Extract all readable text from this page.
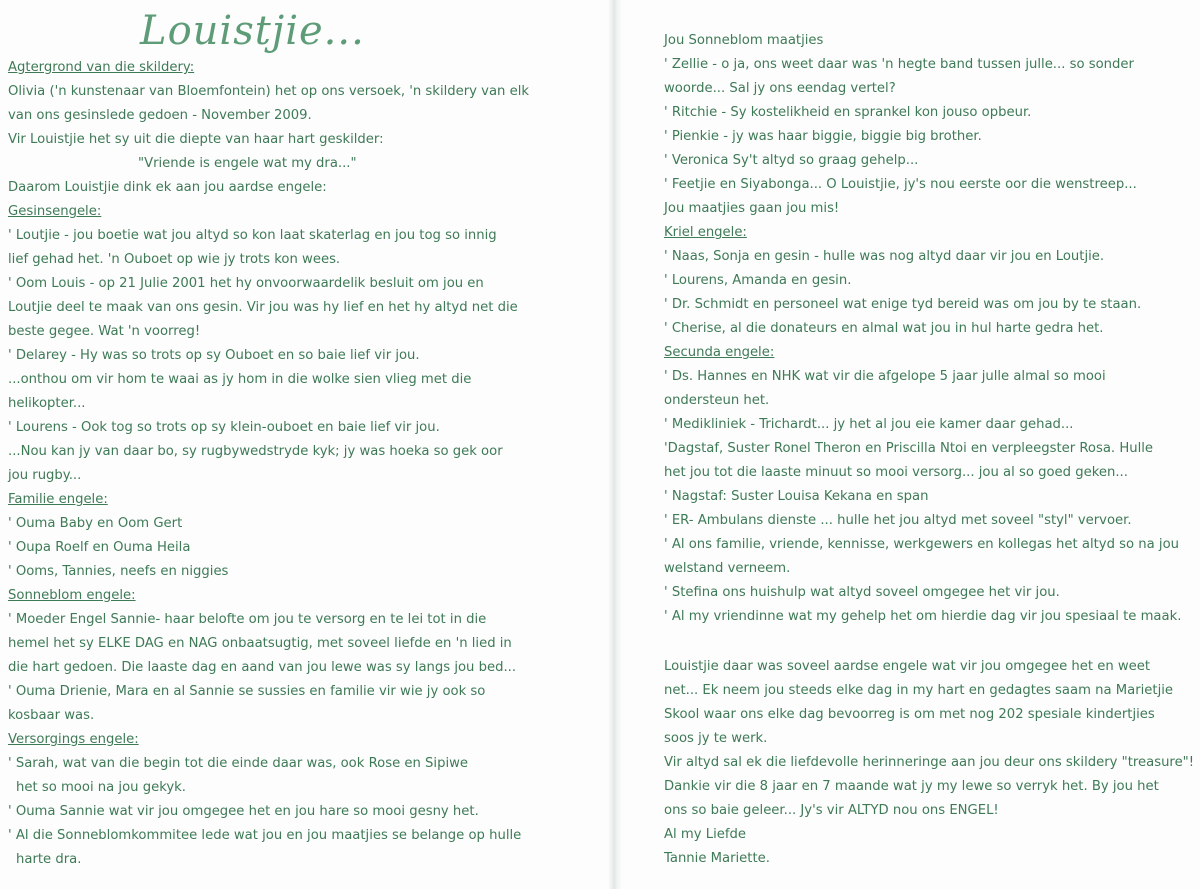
Louistjie...

Agtergrond van die skildery:

Olivia ('n kunstenaar van Bloemfontein) het op ons versoek, 'n skildery van elk

van ons gesinslede gedoen - November 2009.

Vir Louistjie het sy uit die diepte van haar hart geskilder:

"Vriende is engele wat my dra..."

Daarom Louistjie dink ek aan jou aardse engele:

Gesinsengele:

' Loutjie - jou boetie wat jou altyd so kon laat skaterlag en jou tog so innig

lief gehad het. 'n Ouboet op wie jy trots kon wees.

' Oom Louis - op 21 Julie 2001 het hy onvoorwaardelik besluit om jou en

Loutjie deel te maak van ons gesin. Vir jou was hy lief en het hy altyd net die

beste gegee. Wat 'n voorreg!

' Delarey - Hy was so trots op sy Ouboet en so baie lief vir jou.

...onthou om vir hom te waai as jy hom in die wolke sien vlieg met die

helikopter...

' Lourens - Ook tog so trots op sy klein-ouboet en baie lief vir jou.

...Nou kan jy van daar bo, sy rugbywedstryde kyk; jy was hoeka so gek oor

jou rugby...

Familie engele:

' Ouma Baby en Oom Gert

' Oupa Roelf en Ouma Heila

' Ooms, Tannies, neefs en niggies

Sonneblom engele:

' Moeder Engel Sannie- haar belofte om jou te versorg en te lei tot in die

hemel het sy ELKE DAG en NAG onbaatsugtig, met soveel liefde en 'n lied in

die hart gedoen. Die laaste dag en aand van jou lewe was sy langs jou bed...

' Ouma Drienie, Mara en al Sannie se sussies en familie vir wie jy ook so

kosbaar was.

Versorgings engele:

' Sarah, wat van die begin tot die einde daar was, ook Rose en Sipiwe

het so mooi na jou gekyk.

' Ouma Sannie wat vir jou omgegee het en jou hare so mooi gesny het.

' Al die Sonneblomkommitee lede wat jou en jou maatjies se belange op hulle

harte dra.

Jou Sonneblom maatjies

' Zellie - o ja, ons weet daar was 'n hegte band tussen julle... so sonder

woorde... Sal jy ons eendag vertel?

' Ritchie - Sy kostelikheid en sprankel kon jouso opbeur.

' Pienkie - jy was haar biggie, biggie big brother.

' Veronica Sy't altyd so graag gehelp...

' Feetjie en Siyabonga... O Louistjie, jy's nou eerste oor die wenstreep...

Jou maatjies gaan jou mis!

Kriel engele:

' Naas, Sonja en gesin - hulle was nog altyd daar vir jou en Loutjie.

' Lourens, Amanda en gesin.

' Dr. Schmidt en personeel wat enige tyd bereid was om jou by te staan.

' Cherise, al die donateurs en almal wat jou in hul harte gedra het.

Secunda engele:

' Ds. Hannes en NHK wat vir die afgelope 5 jaar julle almal so mooi

ondersteun het.

' Medikliniek - Trichardt... jy het al jou eie kamer daar gehad...

'Dagstaf, Suster Ronel Theron en Priscilla Ntoi en verpleegster Rosa. Hulle

het jou tot die laaste minuut so mooi versorg... jou al so goed geken...

' Nagstaf: Suster Louisa Kekana en span

' ER- Ambulans dienste ... hulle het jou altyd met soveel "styl" vervoer.

' Al ons familie, vriende, kennisse, werkgewers en kollegas het altyd so na jou

welstand verneem.

' Stefina ons huishulp wat altyd soveel omgegee het vir jou.

' Al my vriendinne wat my gehelp het om hierdie dag vir jou spesiaal te maak.

Louistjie daar was soveel aardse engele wat vir jou omgegee het en weet

net... Ek neem jou steeds elke dag in my hart en gedagtes saam na Marietjie

Skool waar ons elke dag bevoorreg is om met nog 202 spesiale kindertjies

soos jy te werk.

Vir altyd sal ek die liefdevolle herinneringe aan jou deur ons skildery "treasure"!

Dankie vir die 8 jaar en 7 maande wat jy my lewe so verryk het. By jou het

ons so baie geleer... Jy's vir ALTYD nou ons ENGEL!

Al my Liefde

Tannie Mariette.
